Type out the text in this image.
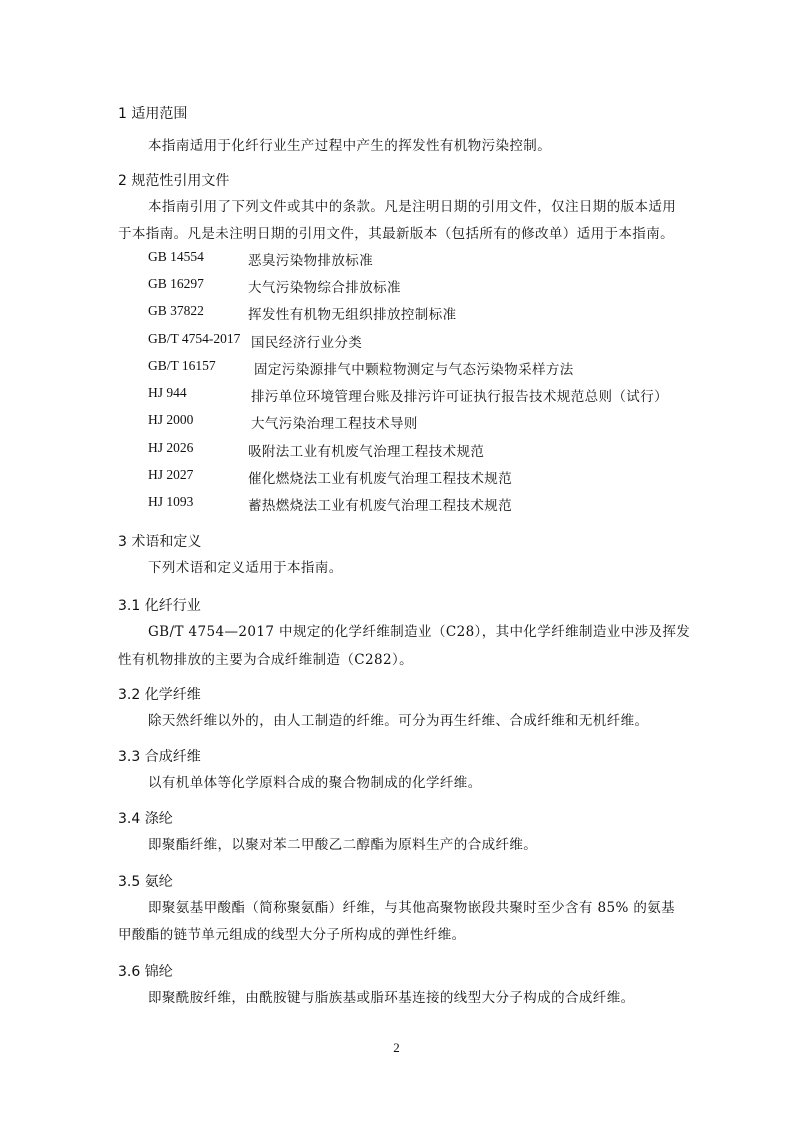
1 适用范围
本指南适用于化纤行业生产过程中产生的挥发性有机物污染控制。
2 规范性引用文件
本指南引用了下列文件或其中的条款。凡是注明日期的引用文件，仅注日期的版本适用
于本指南。凡是未注明日期的引用文件，其最新版本（包括所有的修改单）适用于本指南。
GB 14554	恶臭污染物排放标准
GB 16297	大气污染物综合排放标准
GB 37822	挥发性有机物无组织排放控制标准
GB/T 4754-2017 国民经济行业分类
GB/T 16157	固定污染源排气中颗粒物测定与气态污染物采样方法
HJ 944	排污单位环境管理台账及排污许可证执行报告技术规范总则（试行）
HJ 2000	大气污染治理工程技术导则
HJ 2026	吸附法工业有机废气治理工程技术规范
HJ 2027	催化燃烧法工业有机废气治理工程技术规范
HJ 1093	蓄热燃烧法工业有机废气治理工程技术规范
3 术语和定义
下列术语和定义适用于本指南。
3.1 化纤行业
GB/T 4754—2017 中规定的化学纤维制造业（C28），其中化学纤维制造业中涉及挥发
性有机物排放的主要为合成纤维制造（C282）。
3.2 化学纤维
除天然纤维以外的，由人工制造的纤维。可分为再生纤维、合成纤维和无机纤维。
3.3 合成纤维
以有机单体等化学原料合成的聚合物制成的化学纤维。
3.4 涤纶
即聚酯纤维，以聚对苯二甲酸乙二醇酯为原料生产的合成纤维。
3.5 氨纶
即聚氨基甲酸酯（简称聚氨酯）纤维，与其他高聚物嵌段共聚时至少含有 85% 的氨基
甲酸酯的链节单元组成的线型大分子所构成的弹性纤维。
3.6 锦纶
即聚酰胺纤维，由酰胺键与脂族基或脂环基连接的线型大分子构成的合成纤维。
2
